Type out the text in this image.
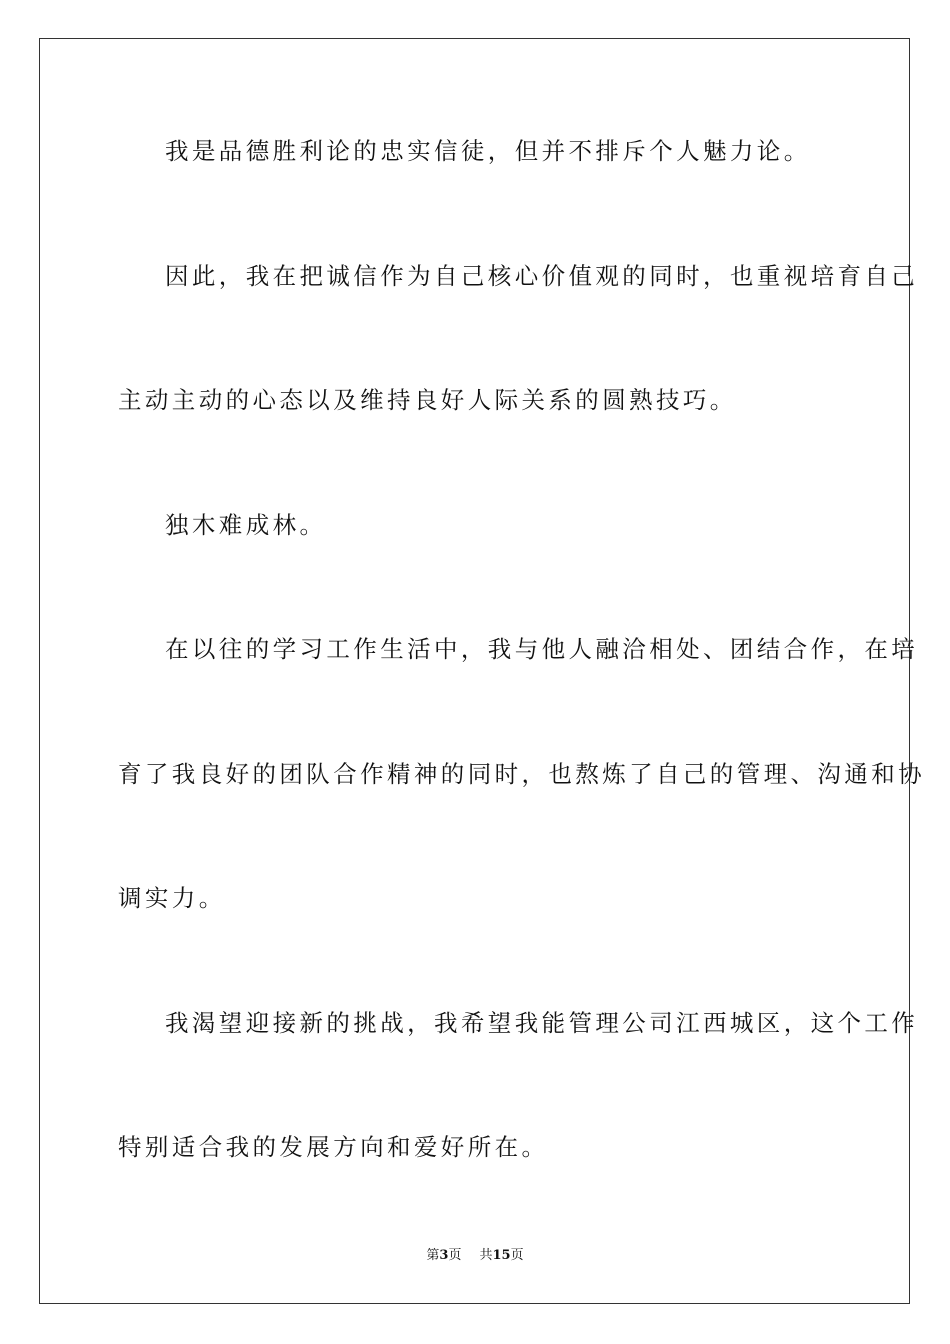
我是品德胜利论的忠实信徒，但并不排斥个人魅力论。
因此，我在把诚信作为自己核心价值观的同时，也重视培育自己
主动主动的心态以及维持良好人际关系的圆熟技巧。
独木难成林。
在以往的学习工作生活中，我与他人融洽相处、团结合作，在培
育了我良好的团队合作精神的同时，也熬炼了自己的管理、沟通和协
调实力。
我渴望迎接新的挑战，我希望我能管理公司江西城区，这个工作
特别适合我的发展方向和爱好所在。
第3页 共15页
